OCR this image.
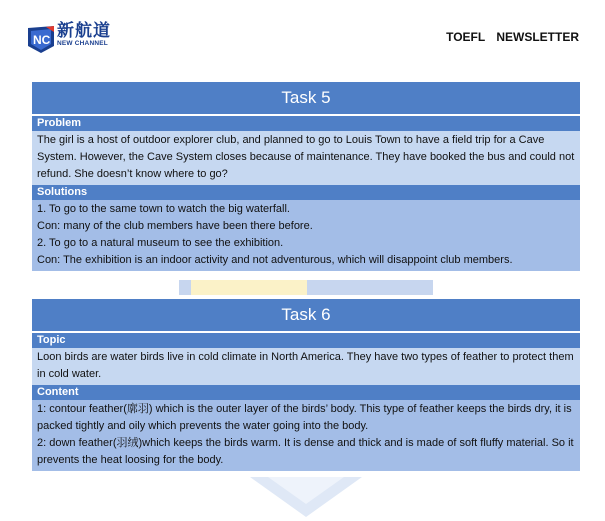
NC 新航道
NEW CHANNEL	TOEFL NEWSLETTER
Task 5
Problem

The girl is a host of outdoor explorer club, and planned to go to Louis Town to have a field trip for a Cave System. However, the Cave System closes because of maintenance. They have booked the bus and could not refund. She doesn’t know where to go?

Solutions

1. To go to the same town to watch the big waterfall.

Con: many of the club members have been there before.

2. To go to a natural museum to see the exhibition.

Con: The exhibition is an indoor activity and not adventurous, which will disappoint club members.

Task 6
Topic

Loon birds are water birds live in cold climate in North America. They have two types of feather to protect them in cold water.

Content

1: contour feather(廓羽) which is the outer layer of the birds’ body. This type of feather keeps the birds dry, it is packed tightly and oily which prevents the water going into the body.

2: down feather(羽绒)which keeps the birds warm. It is dense and thick and is made of soft fluffy material. So it prevents the heat loosing for the body.
